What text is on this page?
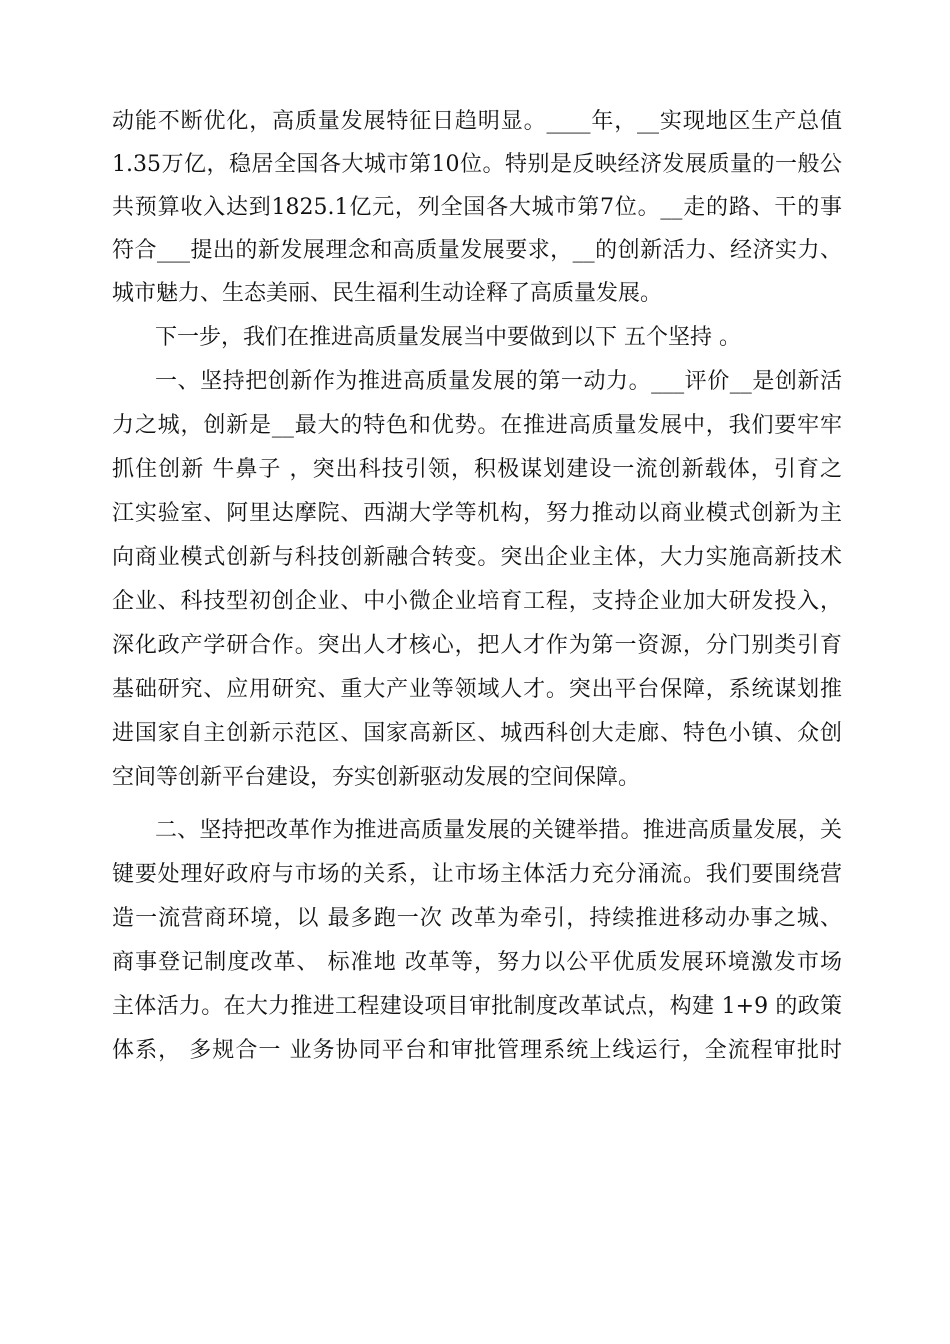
动能不断优化，高质量发展特征日趋明显。____年，__实现地区生产总值
1.35万亿，稳居全国各大城市第10位。特别是反映经济发展质量的一般公
共预算收入达到1825.1亿元，列全国各大城市第7位。__走的路、干的事
符合___提出的新发展理念和高质量发展要求，__的创新活力、经济实力、
城市魅力、生态美丽、民生福利生动诠释了高质量发展。
下一步，我们在推进高质量发展当中要做到以下 五个坚持 。
一、坚持把创新作为推进高质量发展的第一动力。___评价__是创新活
力之城，创新是__最大的特色和优势。在推进高质量发展中，我们要牢牢
抓住创新 牛鼻子 ，突出科技引领，积极谋划建设一流创新载体，引育之
江实验室、阿里达摩院、西湖大学等机构，努力推动以商业模式创新为主
向商业模式创新与科技创新融合转变。突出企业主体，大力实施高新技术
企业、科技型初创企业、中小微企业培育工程，支持企业加大研发投入，
深化政产学研合作。突出人才核心，把人才作为第一资源，分门别类引育
基础研究、应用研究、重大产业等领域人才。突出平台保障，系统谋划推
进国家自主创新示范区、国家高新区、城西科创大走廊、特色小镇、众创
空间等创新平台建设，夯实创新驱动发展的空间保障。
二、坚持把改革作为推进高质量发展的关键举措。推进高质量发展，关
键要处理好政府与市场的关系，让市场主体活力充分涌流。我们要围绕营
造一流营商环境，以 最多跑一次 改革为牵引，持续推进移动办事之城、
商事登记制度改革、 标准地 改革等，努力以公平优质发展环境激发市场
主体活力。在大力推进工程建设项目审批制度改革试点，构建 1+9 的政策
体系， 多规合一 业务协同平台和审批管理系统上线运行，全流程审批时
